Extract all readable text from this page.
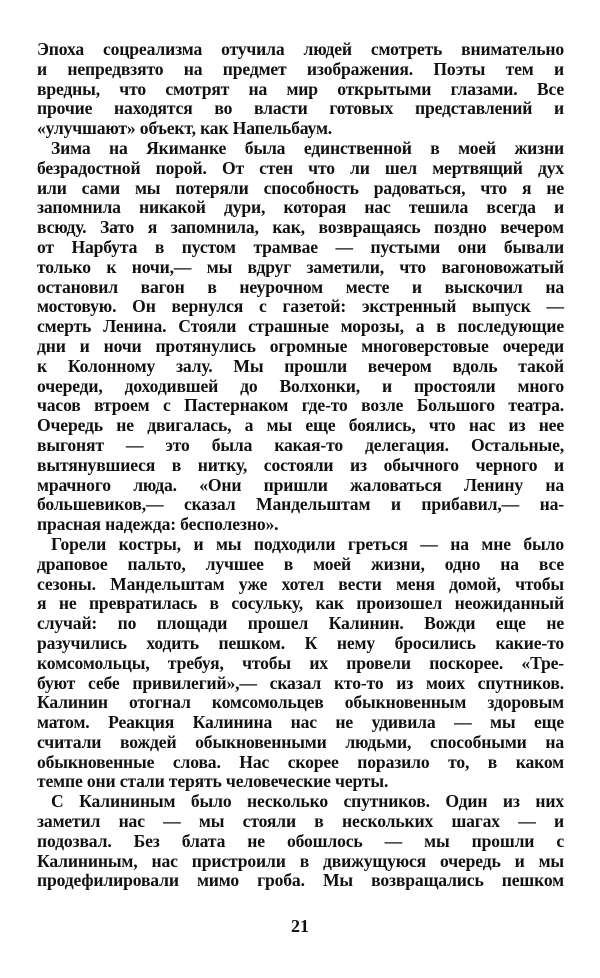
Эпоха соцреализма отучила людей смотреть внимательно
и непредвзято на предмет изображения. Поэты тем и
вредны, что смотрят на мир открытыми глазами. Все
прочие находятся во власти готовых представлений и
«улучшают» объект, как Напельбаум.
Зима на Якиманке была единственной в моей жизни
безрадостной порой. От стен что ли шел мертвящий дух
или сами мы потеряли способность радоваться, что я не
запомнила никакой дури, которая нас тешила всегда и
всюду. Зато я запомнила, как, возвращаясь поздно вечером
от Нарбута в пустом трамвае — пустыми они бывали
только к ночи,— мы вдруг заметили, что вагоновожатый
остановил вагон в неурочном месте и выскочил на
мостовую. Он вернулся с газетой: экстренный выпуск —
смерть Ленина. Стояли страшные морозы, а в последующие
дни и ночи протянулись огромные многоверстовые очереди
к Колонному залу. Мы прошли вечером вдоль такой
очереди, доходившей до Волхонки, и простояли много
часов втроем с Пастернаком где-то возле Большого театра.
Очередь не двигалась, а мы еще боялись, что нас из нее
выгонят — это была какая-то делегация. Остальные,
вытянувшиеся в нитку, состояли из обычного черного и
мрачного люда. «Они пришли жаловаться Ленину на
большевиков,— сказал Мандельштам и прибавил,— на-
прасная надежда: бесполезно».
Горели костры, и мы подходили греться — на мне было
драповое пальто, лучшее в моей жизни, одно на все
сезоны. Мандельштам уже хотел вести меня домой, чтобы
я не превратилась в сосульку, как произошел неожиданный
случай: по площади прошел Калинин. Вожди еще не
разучились ходить пешком. К нему бросились какие-то
комсомольцы, требуя, чтобы их провели поскорее. «Тре-
буют себе привилегий»,— сказал кто-то из моих спутников.
Калинин отогнал комсомольцев обыкновенным здоровым
матом. Реакция Калинина нас не удивила — мы еще
считали вождей обыкновенными людьми, способными на
обыкновенные слова. Нас скорее поразило то, в каком
темпе они стали терять человеческие черты.
С Калининым было несколько спутников. Один из них
заметил нас — мы стояли в нескольких шагах — и
подозвал. Без блата не обошлось — мы прошли с
Калининым, нас пристроили в движущуюся очередь и мы
продефилировали мимо гроба. Мы возвращались пешком
21
